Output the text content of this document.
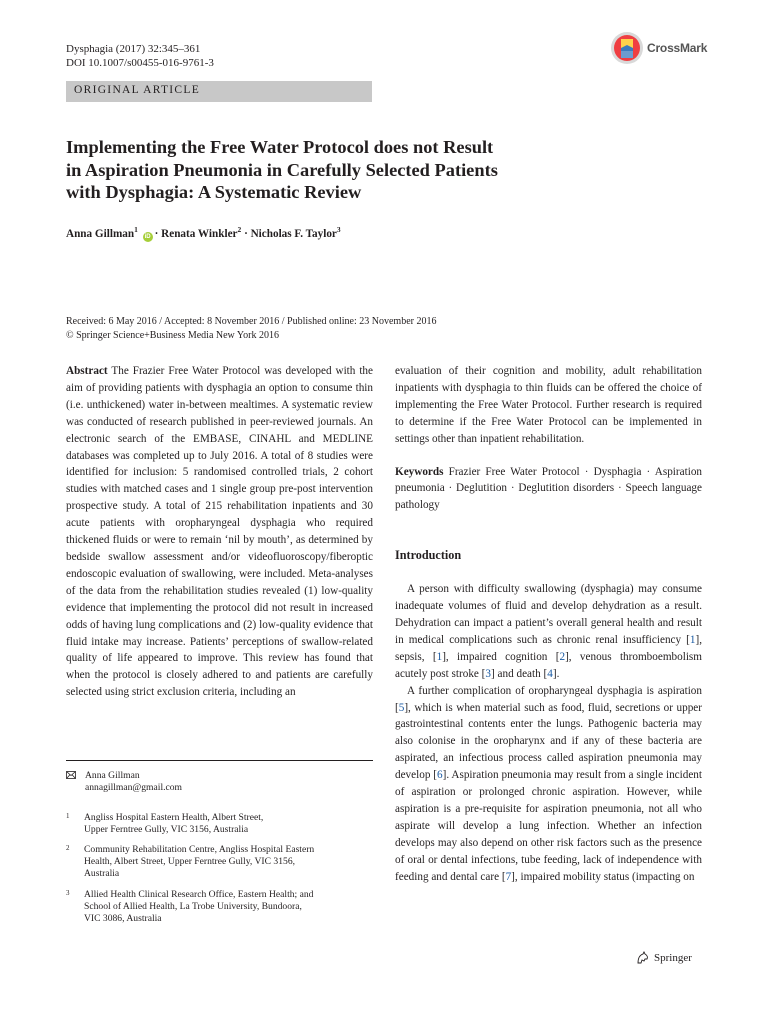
Dysphagia (2017) 32:345–361
DOI 10.1007/s00455-016-9761-3
CrossMark
ORIGINAL ARTICLE
Implementing the Free Water Protocol does not Result
in Aspiration Pneumonia in Carefully Selected Patients
with Dysphagia: A Systematic Review
Anna Gillman$^1$ iD · Renata Winkler$^2$ · Nicholas F. Taylor$^3$
Received: 6 May 2016 / Accepted: 8 November 2016 / Published online: 23 November 2016
© Springer Science+Business Media New York 2016

Abstract The Frazier Free Water Protocol was developed with the aim of providing patients with dysphagia an option to consume thin (i.e. unthickened) water in-between mealtimes. A systematic review was conducted of research published in peer-reviewed journals. An electronic search of the EMBASE, CINAHL and MEDLINE databases was completed up to July 2016. A total of 8 studies were identified for inclusion: 5 randomised controlled trials, 2 cohort studies with matched cases and 1 single group pre-post intervention prospective study. A total of 215 rehabilitation inpatients and 30 acute patients with oropharyngeal dysphagia who required thickened fluids or were to remain ‘nil by mouth’, as determined by bedside swallow assessment and/or videofluoroscopy/fiberoptic endoscopic evaluation of swallowing, were included. Meta-analyses of the data from the rehabilitation studies revealed (1) low-quality evidence that implementing the protocol did not result in increased odds of having lung complications and (2) low-quality evidence that fluid intake may increase. Patients’ perceptions of swallow-related quality of life appeared to improve. This review has found that when the protocol is closely adhered to and patients are carefully selected using strict exclusion criteria, including an

evaluation of their cognition and mobility, adult rehabilitation inpatients with dysphagia to thin fluids can be offered the choice of implementing the Free Water Protocol. Further research is required to determine if the Free Water Protocol can be implemented in settings other than inpatient rehabilitation.

Keywords Frazier Free Water Protocol · Dysphagia · Aspiration pneumonia · Deglutition · Deglutition disorders · Speech language pathology

Introduction

A person with difficulty swallowing (dysphagia) may consume inadequate volumes of fluid and develop dehydration as a result. Dehydration can impact a patient’s overall general health and result in medical complications such as chronic renal insufficiency [1], sepsis, [1], impaired cognition [2], venous thromboembolism acutely post stroke [3] and death [4].

A further complication of oropharyngeal dysphagia is aspiration [5], which is when material such as food, fluid, secretions or upper gastrointestinal contents enter the lungs. Pathogenic bacteria may also colonise in the oropharynx and if any of these bacteria are aspirated, an infectious process called aspiration pneumonia may develop [6]. Aspiration pneumonia may result from a single incident of aspiration or prolonged chronic aspiration. However, while aspiration is a pre-requisite for aspiration pneumonia, not all who aspirate will develop a lung infection. Whether an infection develops may also depend on other risk factors such as the presence of oral or dental infections, tube feeding, lack of independence with feeding and dental care [7], impaired mobility status (impacting on

Anna Gillman
annagillman@gmail.com
1 Angliss Hospital Eastern Health, Albert Street,
Upper Ferntree Gully, VIC 3156, Australia
2 Community Rehabilitation Centre, Angliss Hospital Eastern
Health, Albert Street, Upper Ferntree Gully, VIC 3156,
Australia
3 Allied Health Clinical Research Office, Eastern Health; and
School of Allied Health, La Trobe University, Bundoora,
VIC 3086, Australia
Springer
